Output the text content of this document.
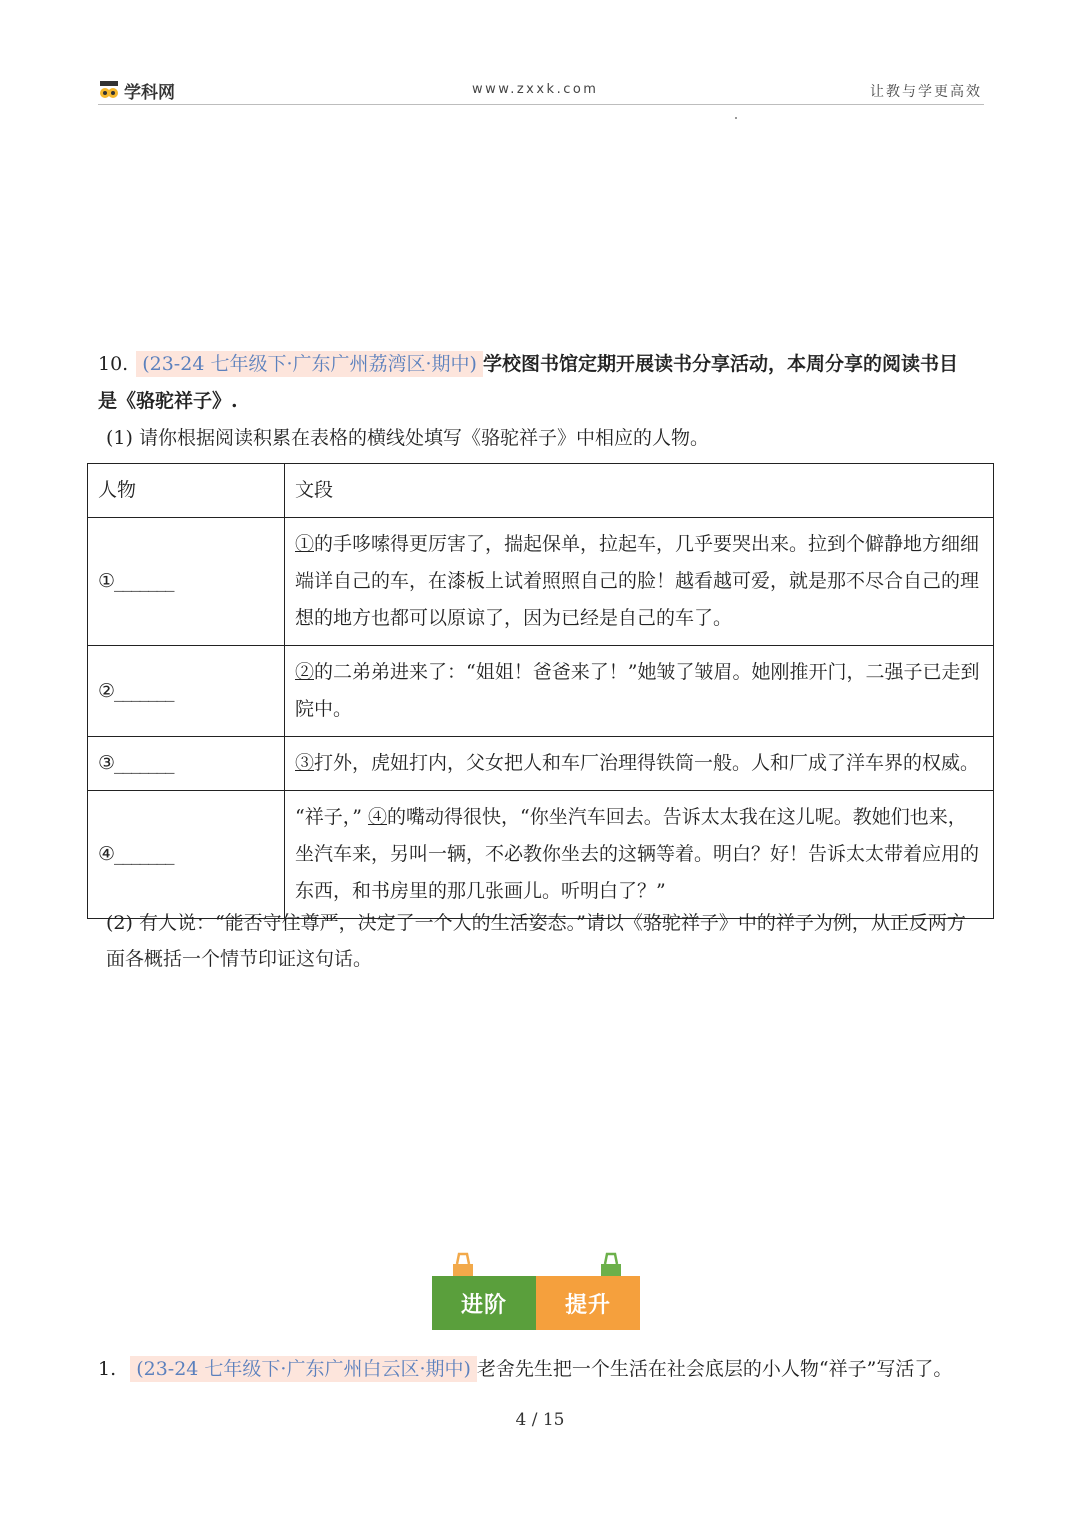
学科网	www.zxxk.com	让教与学更高效
10. (23-24 七年级下·广东广州荔湾区·期中) 学校图书馆定期开展读书分享活动，本周分享的阅读书目
是《骆驼祥子》.
(1) 请你根据阅读积累在表格的横线处填写《骆驼祥子》中相应的人物。
人物	文段
①_______	①的手哆嗦得更厉害了，揣起保单，拉起车，几乎要哭出来。拉到个僻静地方细细端详自己的车，在漆板上试着照照自己的脸！越看越可爱，就是那不尽合自己的理想的地方也都可以原谅了，因为已经是自己的车了。
②_______	②的二弟弟进来了：“姐姐！爸爸来了！”她皱了皱眉。她刚推开门，二强子已走到院中。
③_______	③打外，虎妞打内，父女把人和车厂治理得铁筒一般。人和厂成了洋车界的权威。
④_______	“祥子，” ④的嘴动得很快，“你坐汽车回去。告诉太太我在这儿呢。教她们也来，坐汽车来，另叫一辆，不必教你坐去的这辆等着。明白？好！告诉太太带着应用的东西，和书房里的那几张画儿。听明白了？”
(2) 有人说：“能否守住尊严，决定了一个人的生活姿态。”请以《骆驼祥子》中的祥子为例，从正反两方面各概括一个情节印证这句话。
进阶	提升
1. (23-24 七年级下·广东广州白云区·期中) 老舍先生把一个生活在社会底层的小人物“祥子”写活了。
4 / 15
